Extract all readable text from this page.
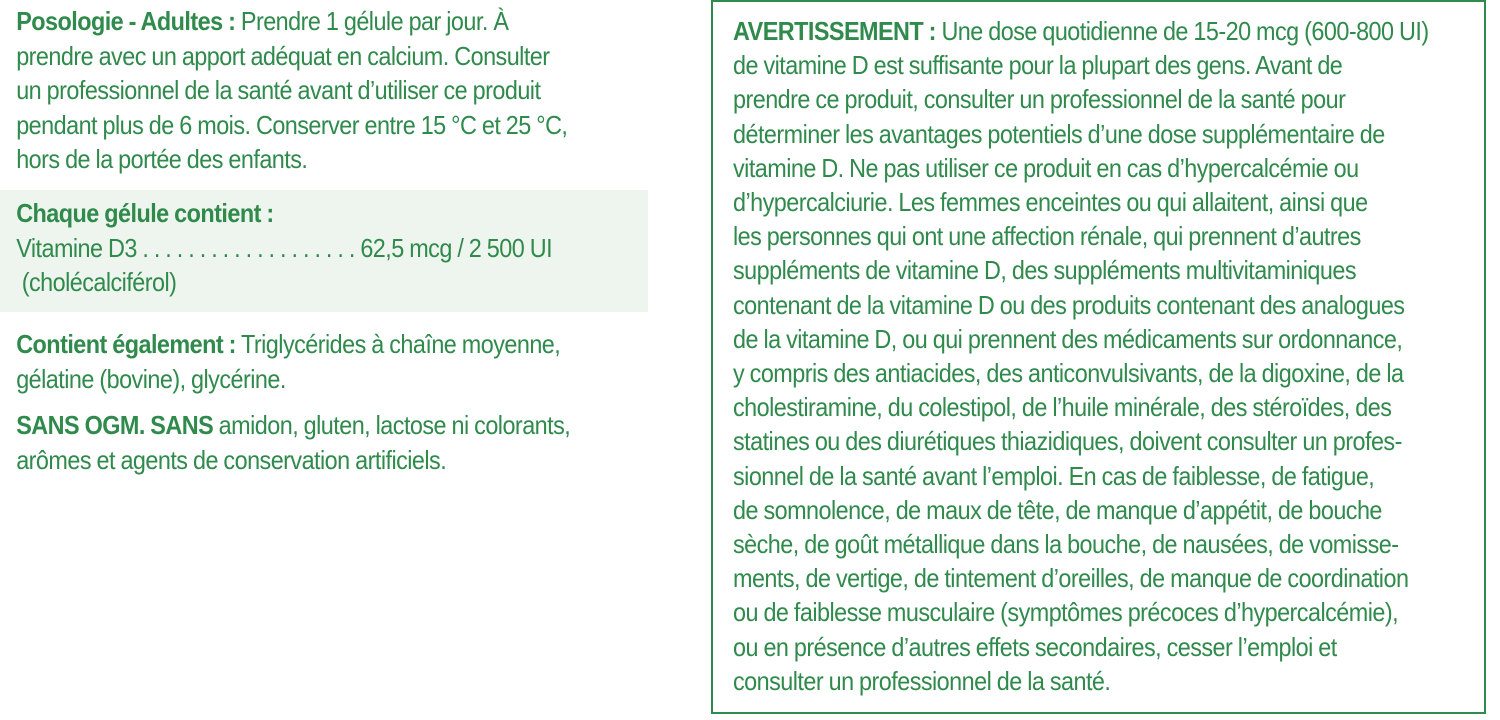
Posologie - Adultes : Prendre 1 gélule par jour. À
prendre avec un apport adéquat en calcium. Consulter
un professionnel de la santé avant d’utiliser ce produit
pendant plus de 6 mois. Conserver entre 15 °C et 25 °C,
hors de la portée des enfants.

Chaque gélule contient :
Vitamine D3 . . . . . . . . . . . . . . . . . . . 62,5 mcg / 2 500 UI
(cholécalciférol)

Contient également : Triglycérides à chaîne moyenne,
gélatine (bovine), glycérine.

SANS OGM. SANS amidon, gluten, lactose ni colorants,
arômes et agents de conservation artificiels.

AVERTISSEMENT : Une dose quotidienne de 15-20 mcg (600-800 UI)
de vitamine D est suffisante pour la plupart des gens. Avant de
prendre ce produit, consulter un professionnel de la santé pour
déterminer les avantages potentiels d’une dose supplémentaire de
vitamine D. Ne pas utiliser ce produit en cas d’hypercalcémie ou
d’hypercalciurie. Les femmes enceintes ou qui allaitent, ainsi que
les personnes qui ont une affection rénale, qui prennent d’autres
suppléments de vitamine D, des suppléments multivitaminiques
contenant de la vitamine D ou des produits contenant des analogues
de la vitamine D, ou qui prennent des médicaments sur ordonnance,
y compris des antiacides, des anticonvulsivants, de la digoxine, de la
cholestiramine, du colestipol, de l’huile minérale, des stéroïdes, des
statines ou des diurétiques thiazidiques, doivent consulter un profes-
sionnel de la santé avant l’emploi. En cas de faiblesse, de fatigue,
de somnolence, de maux de tête, de manque d’appétit, de bouche
sèche, de goût métallique dans la bouche, de nausées, de vomisse-
ments, de vertige, de tintement d’oreilles, de manque de coordination
ou de faiblesse musculaire (symptômes précoces d’hypercalcémie),
ou en présence d’autres effets secondaires, cesser l’emploi et
consulter un professionnel de la santé.
